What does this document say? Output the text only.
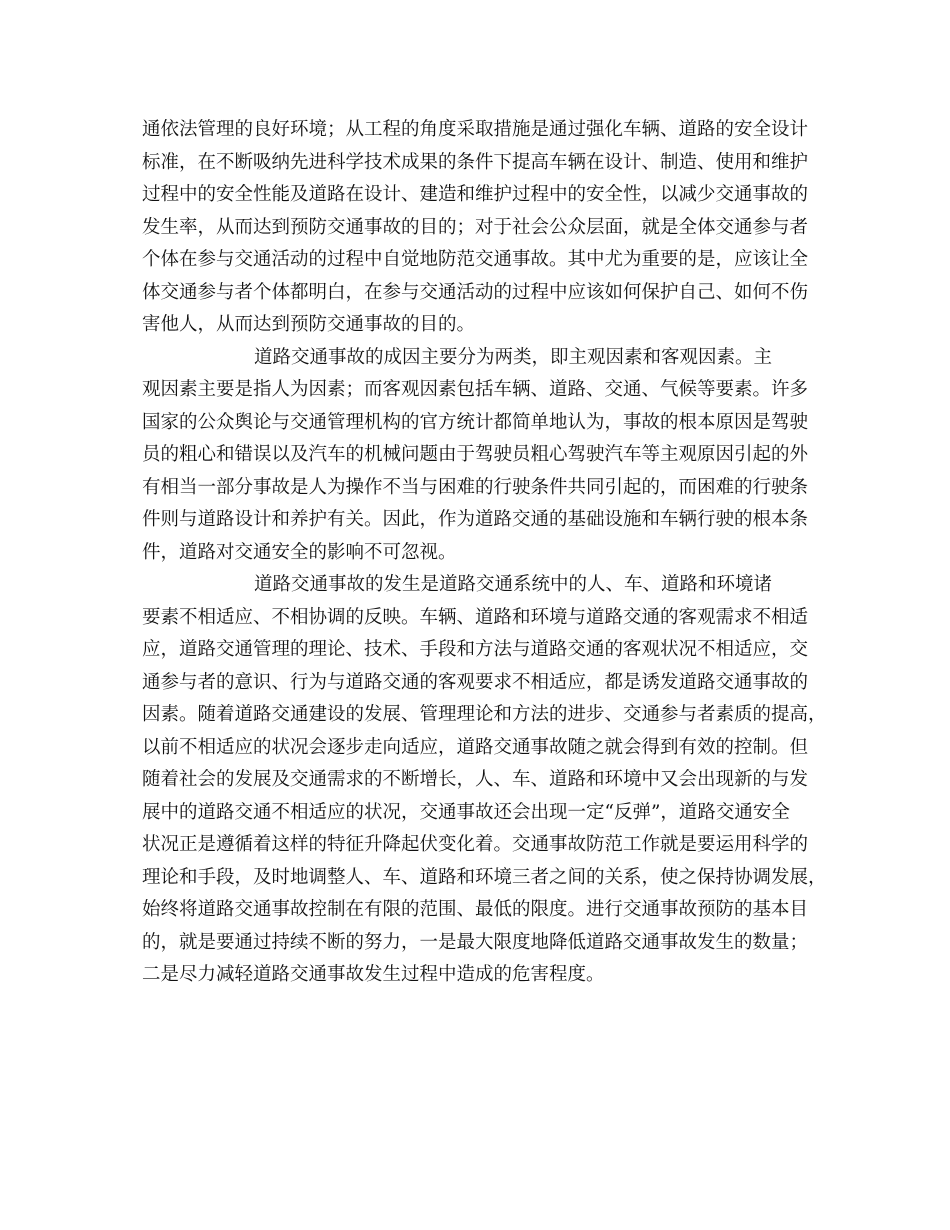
通依法管理的良好环境；从工程的角度采取措施是通过强化车辆、道路的安全设计
标准，在不断吸纳先进科学技术成果的条件下提高车辆在设计、制造、使用和维护
过程中的安全性能及道路在设计、建造和维护过程中的安全性，以减少交通事故的
发生率，从而达到预防交通事故的目的；对于社会公众层面，就是全体交通参与者
个体在参与交通活动的过程中自觉地防范交通事故。其中尤为重要的是，应该让全
体交通参与者个体都明白，在参与交通活动的过程中应该如何保护自己、如何不伤
害他人，从而达到预防交通事故的目的。
道路交通事故的成因主要分为两类，即主观因素和客观因素。主
观因素主要是指人为因素；而客观因素包括车辆、道路、交通、气候等要素。许多
国家的公众舆论与交通管理机构的官方统计都简单地认为，事故的根本原因是驾驶
员的粗心和错误以及汽车的机械问题由于驾驶员粗心驾驶汽车等主观原因引起的外
有相当一部分事故是人为操作不当与困难的行驶条件共同引起的，而困难的行驶条
件则与道路设计和养护有关。因此，作为道路交通的基础设施和车辆行驶的根本条
件，道路对交通安全的影响不可忽视。
道路交通事故的发生是道路交通系统中的人、车、道路和环境诸
要素不相适应、不相协调的反映。车辆、道路和环境与道路交通的客观需求不相适
应，道路交通管理的理论、技术、手段和方法与道路交通的客观状况不相适应，交
通参与者的意识、行为与道路交通的客观要求不相适应，都是诱发道路交通事故的
因素。随着道路交通建设的发展、管理理论和方法的进步、交通参与者素质的提高，
以前不相适应的状况会逐步走向适应，道路交通事故随之就会得到有效的控制。但
随着社会的发展及交通需求的不断增长，人、车、道路和环境中又会出现新的与发
展中的道路交通不相适应的状况，交通事故还会出现一定“反弹”，道路交通安全
状况正是遵循着这样的特征升降起伏变化着。交通事故防范工作就是要运用科学的
理论和手段，及时地调整人、车、道路和环境三者之间的关系，使之保持协调发展，
始终将道路交通事故控制在有限的范围、最低的限度。进行交通事故预防的基本目
的，就是要通过持续不断的努力，一是最大限度地降低道路交通事故发生的数量；
二是尽力减轻道路交通事故发生过程中造成的危害程度。
